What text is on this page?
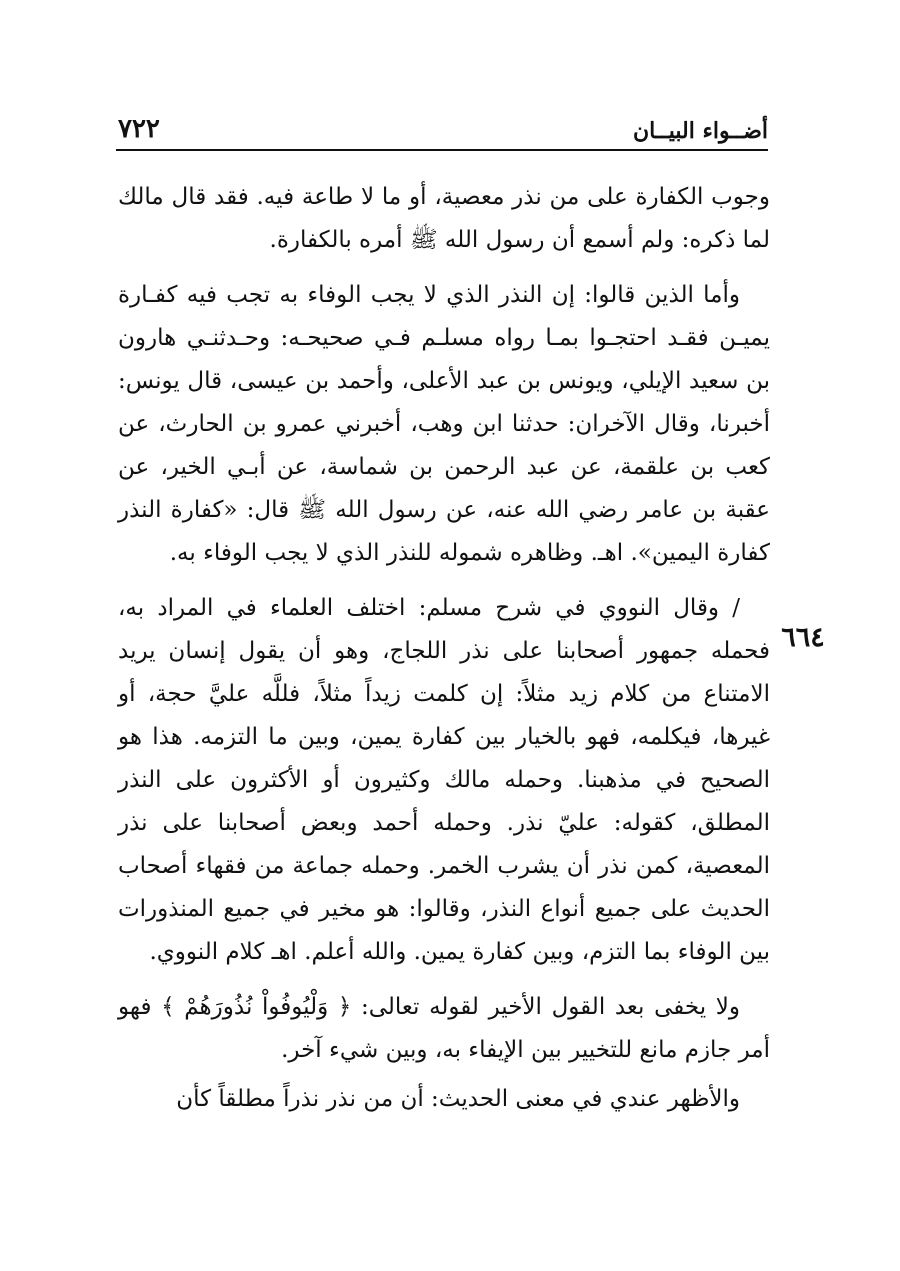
٧٢٢	أضــواء البيــان
٦٦٤

وجوب الكفارة على من نذر معصية، أو ما لا طاعة فيه. فقد قال مالك لما ذكره: ولم أسمع أن رسول الله ﷺ أمره بالكفارة.

وأما الذين قالوا: إن النذر الذي لا يجب الوفاء به تجب فيه كفـارة يميـن فقـد احتجـوا بمـا رواه مسلـم فـي صحيحـه: وحـدثنـي هارون بن سعيد الإيلي، ويونس بن عبد الأعلى، وأحمد بن عيسى، قال يونس: أخبرنا، وقال الآخران: حدثنا ابن وهب، أخبرني عمرو بن الحارث، عن كعب بن علقمة، عن عبد الرحمن بن شماسة، عن أبـي الخير، عن عقبة بن عامر رضي الله عنه، عن رسول الله ﷺ قال: «كفارة النذر كفارة اليمين». اهـ. وظاهره شموله للنذر الذي لا يجب الوفاء به.

/ وقال النووي في شرح مسلم: اختلف العلماء في المراد به، فحمله جمهور أصحابنا على نذر اللجاج، وهو أن يقول إنسان يريد الامتناع من كلام زيد مثلاً: إن كلمت زيداً مثلاً، فللَّه عليَّ حجة، أو غيرها، فيكلمه، فهو بالخيار بين كفارة يمين، وبين ما التزمه. هذا هو الصحيح في مذهبنا. وحمله مالك وكثيرون أو الأكثرون على النذر المطلق، كقوله: عليّ نذر. وحمله أحمد وبعض أصحابنا على نذر المعصية، كمن نذر أن يشرب الخمر. وحمله جماعة من فقهاء أصحاب الحديث على جميع أنواع النذر، وقالوا: هو مخير في جميع المنذورات بين الوفاء بما التزم، وبين كفارة يمين. والله أعلم. اهـ كلام النووي.

ولا يخفى بعد القول الأخير لقوله تعالى: ﴿ وَلْيُوفُواْ نُذُورَهُمْ ﴾ فهو أمر جازم مانع للتخيير بين الإيفاء به، وبين شيء آخر.

والأظهر عندي في معنى الحديث: أن من نذر نذراً مطلقاً كأن
